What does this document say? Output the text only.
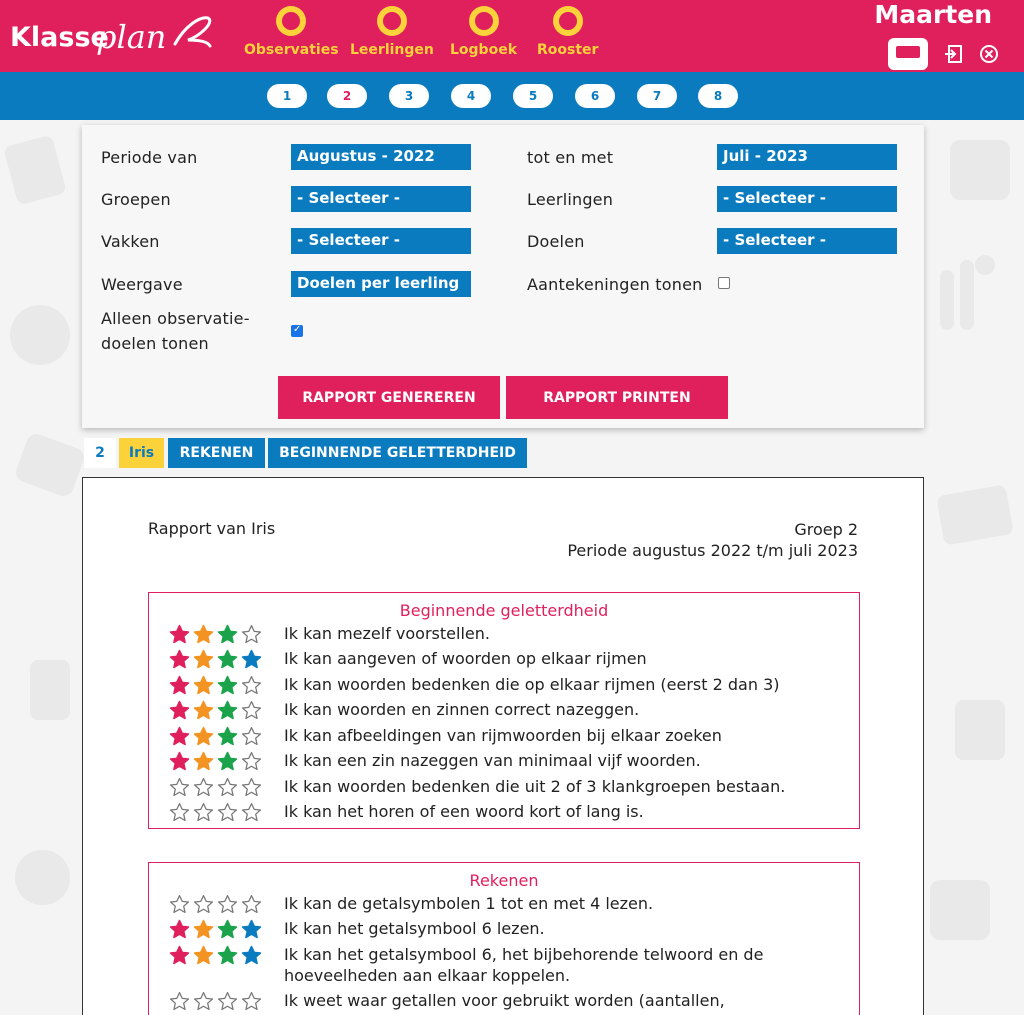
Klasse
plan	Observaties Leerlingen Logboek Rooster
Maarten
1	2	3	4	5	6	7	8
Periode van	Augustus - 2022	tot en met	Juli - 2023
Groepen	- Selecteer -	Leerlingen	- Selecteer -
Vakken	- Selecteer -	Doelen	- Selecteer -
Weergave	Doelen per leerling	Aantekeningen tonen
Alleen observatie-
doelen tonen
✓
RAPPORT GENEREREN	RAPPORT PRINTEN
2	Iris	REKENEN	BEGINNENDE GELETTERDHEID
Rapport van Iris	Groep 2
Periode augustus 2022 t/m juli 2023
Beginnende geletterdheid
Ik kan mezelf voorstellen.
Ik kan aangeven of woorden op elkaar rijmen
Ik kan woorden bedenken die op elkaar rijmen (eerst 2 dan 3)
Ik kan woorden en zinnen correct nazeggen.
Ik kan afbeeldingen van rijmwoorden bij elkaar zoeken
Ik kan een zin nazeggen van minimaal vijf woorden.
Ik kan woorden bedenken die uit 2 of 3 klankgroepen bestaan.
Ik kan het horen of een woord kort of lang is.
Rekenen
Ik kan de getalsymbolen 1 tot en met 4 lezen.
Ik kan het getalsymbool 6 lezen.
Ik kan het getalsymbool 6, het bijbehorende telwoord en de hoeveelheden aan elkaar koppelen.
Ik weet waar getallen voor gebruikt worden (aantallen,
